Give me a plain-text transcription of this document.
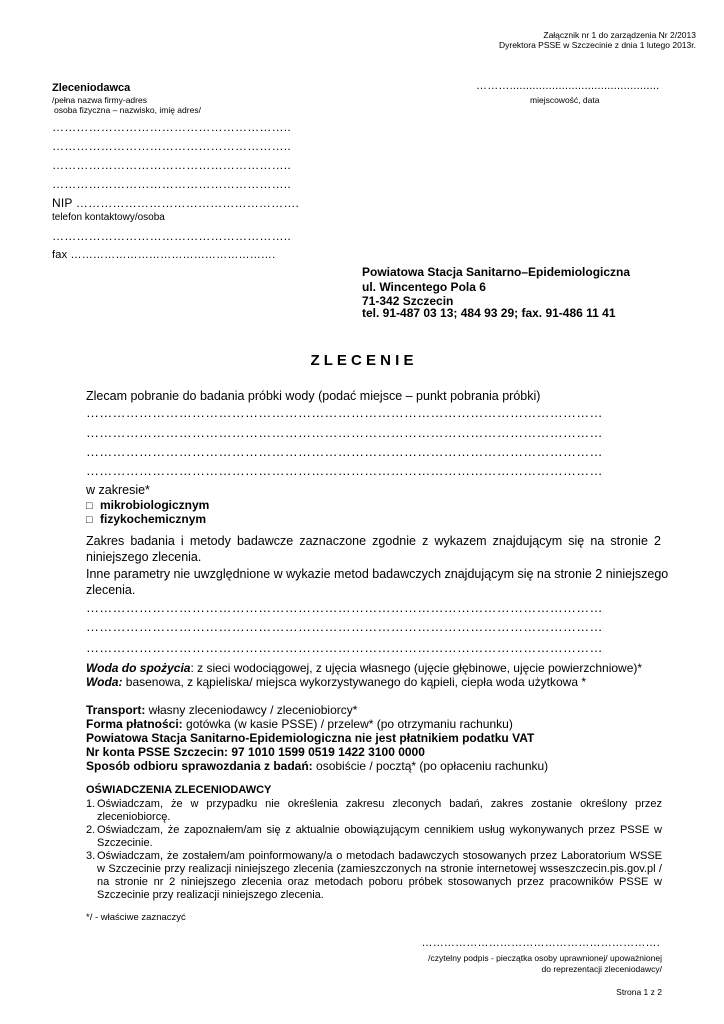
Załącznik nr 1 do zarządzenia Nr 2/2013
Dyrektora PSSE w Szczecinie z dnia 1 lutego 2013r.
Zleceniodawca
/pełna nazwa firmy-adres
osoba fizyczna – nazwisko, imię adres/
…………………………………………………..
…………………………………………………..
…………………………………………………..
…………………………………………………..
NIP ……………………………………………….
telefon kontaktowy/osoba
…………………………………………………..
fax ……………………………………………….
………..............................................
miejscowość, data
Powiatowa Stacja Sanitarno–Epidemiologiczna
ul. Wincentego Pola 6
71-342 Szczecin
tel. 91-487 03 13; 484 93 29; fax. 91-486 11 41
Z L E C E N I E
Zlecam pobranie do badania próbki wody (podać miejsce – punkt pobrania próbki)
………………………………………………………………………………………………………
………………………………………………………………………………………………………
………………………………………………………………………………………………………
………………………………………………………………………………………………………
w zakresie*
□ mikrobiologicznym
□ fizykochemicznym
Zakres badania i metody badawcze zaznaczone zgodnie z wykazem znajdującym się na stronie 2 niniejszego zlecenia.
Inne parametry nie uwzględnione w wykazie metod badawczych znajdującym się na stronie 2 niniejszego zlecenia.
………………………………………………………………………………………………………
………………………………………………………………………………………………………
………………………………………………………………………………………………………
Woda do spożycia: z sieci wodociągowej, z ujęcia własnego (ujęcie głębinowe, ujęcie powierzchniowe)*
Woda: basenowa, z kąpieliska/ miejsca wykorzystywanego do kąpieli, ciepła woda użytkowa *
Transport: własny zleceniodawcy / zleceniobiorcy*
Forma płatności: gotówka (w kasie PSSE) / przelew* (po otrzymaniu rachunku)
Powiatowa Stacja Sanitarno-Epidemiologiczna nie jest płatnikiem podatku VAT
Nr konta PSSE Szczecin: 97 1010 1599 0519 1422 3100 0000
Sposób odbioru sprawozdania z badań: osobiście / pocztą* (po opłaceniu rachunku)
OŚWIADCZENIA ZLECENIODAWCY
1. Oświadczam, że w przypadku nie określenia zakresu zleconych badań, zakres zostanie określony przez zleceniobiorcę.
2. Oświadczam, że zapoznałem/am się z aktualnie obowiązującym cennikiem usług wykonywanych przez PSSE w Szczecinie.
3. Oświadczam, że zostałem/am poinformowany/a o metodach badawczych stosowanych przez Laboratorium WSSE w Szczecinie przy realizacji niniejszego zlecenia (zamieszczonych na stronie internetowej wsseszczecin.pis.gov.pl / na stronie nr 2 niniejszego zlecenia oraz metodach poboru próbek stosowanych przez pracowników PSSE w Szczecinie przy realizacji niniejszego zlecenia.
*/ - właściwe zaznaczyć
……………………………………………………….
/czytelny podpis - pieczątka osoby uprawnionej/ upoważnionej
do reprezentacji zleceniodawcy/
Strona 1 z 2
